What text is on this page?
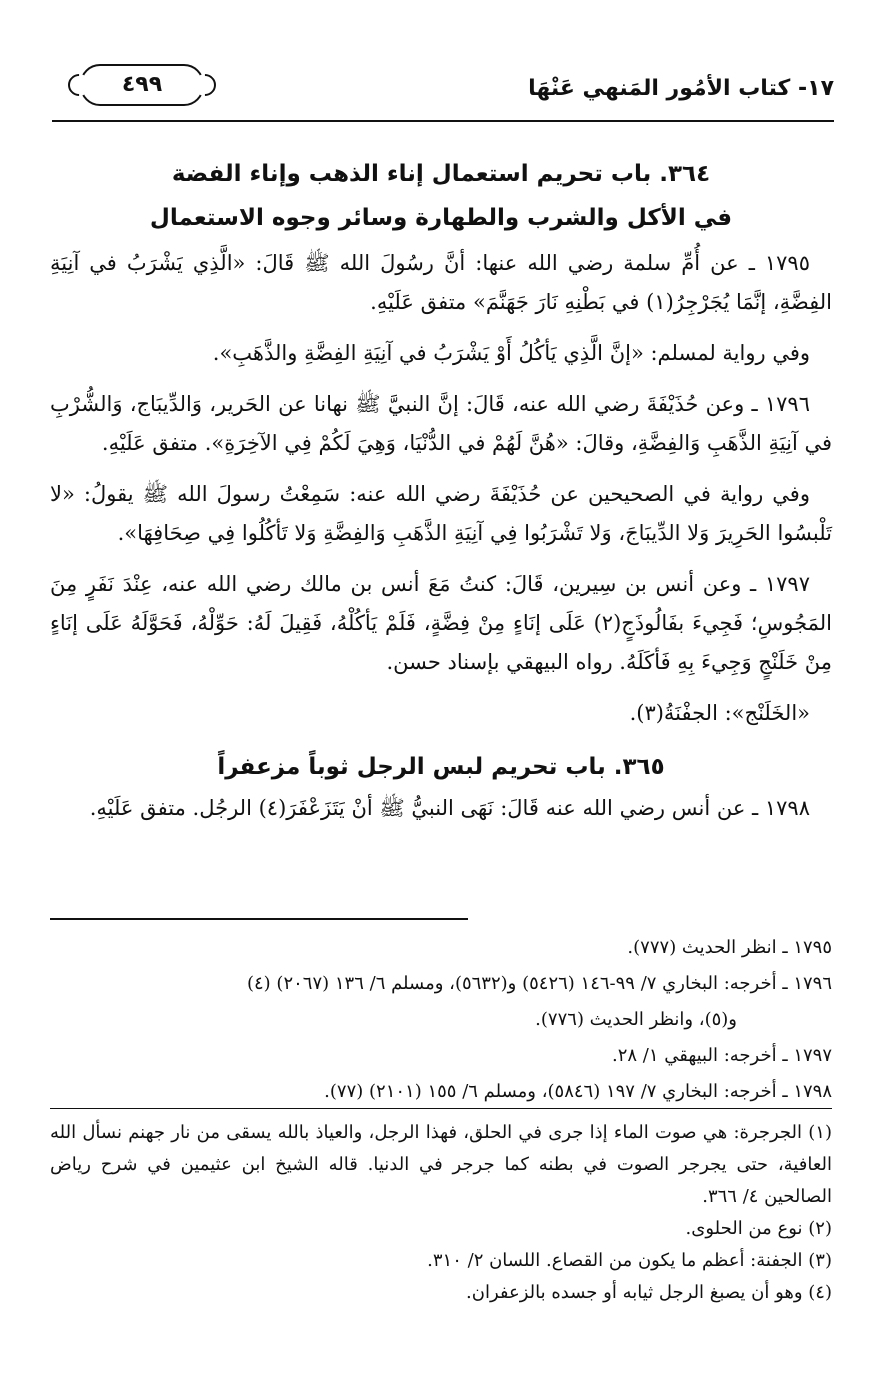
١٧- كتاب الأمُور المَنهي عَنْهَا
٤٩٩
٣٦٤. باب تحريم استعمال إناء الذهب وإناء الفضة
في الأكل والشرب والطهارة وسائر وجوه الاستعمال

١٧٩٥ ـ عن أُمِّ سلمة رضي الله عنها: أنَّ رسُولَ الله ﷺ قَالَ: «الَّذِي يَشْرَبُ في آنِيَةِ الفِضَّةِ، إنَّمَا يُجَرْجِرُ(١) في بَطْنِهِ نَارَ جَهَنَّمَ» متفق عَلَيْهِ.

وفي رواية لمسلم: «إنَّ الَّذِي يَأكُلُ أَوْ يَشْرَبُ في آنِيَةِ الفِضَّةِ والذَّهَبِ».

١٧٩٦ ـ وعن حُذَيْفَةَ رضي الله عنه، قَالَ: إنَّ النبيَّ ﷺ نهانا عن الحَرير، وَالدِّيبَاج، وَالشُّرْبِ في آنِيَةِ الذَّهَبِ وَالفِضَّةِ، وقالَ: «هُنَّ لَهُمْ في الدُّنْيَا، وَهِيَ لَكُمْ فِي الآخِرَةِ». متفق عَلَيْهِ.

وفي رواية في الصحيحين عن حُذَيْفَةَ رضي الله عنه: سَمِعْتُ رسولَ الله ﷺ يقولُ: «لا تَلْبسُوا الحَرِيرَ وَلا الدِّيبَاجَ، وَلا تَشْرَبُوا فِي آنِيَةِ الذَّهَبِ وَالفِضَّةِ وَلا تَأكُلُوا فِي صِحَافِهَا».

١٧٩٧ ـ وعن أنس بن سِيرين، قَالَ: كنتُ مَعَ أنس بن مالك رضي الله عنه، عِنْدَ نَفَرٍ مِنَ المَجُوسِ؛ فَجِيءَ بفَالُوذَجٍ(٢) عَلَى إنَاءٍ مِنْ فِضَّةٍ، فَلَمْ يَأكُلْهُ، فَقِيلَ لَهُ: حَوِّلْهُ، فَحَوَّلَهُ عَلَى إنَاءٍ مِنْ خَلَنْجٍ وَجِيءَ بِهِ فَأكَلَهُ. رواه البيهقي بإسناد حسن.

«الخَلَنْج»: الجفْنَةُ(٣).

٣٦٥. باب تحريم لبس الرجل ثوباً مزعفراً

١٧٩٨ ـ عن أنس رضي الله عنه قَالَ: نَهَى النبيُّ ﷺ أنْ يَتَزَعْفَرَ(٤) الرجُل. متفق عَلَيْهِ.

١٧٩٥ ـ انظر الحديث (٧٧٧).

١٧٩٦ ـ أخرجه: البخاري ٧/ ٩٩-١٤٦ (٥٤٢٦) و(٥٦٣٢)، ومسلم ٦/ ١٣٦ (٢٠٦٧) (٤)

و(٥)، وانظر الحديث (٧٧٦).

١٧٩٧ ـ أخرجه: البيهقي ١/ ٢٨.

١٧٩٨ ـ أخرجه: البخاري ٧/ ١٩٧ (٥٨٤٦)، ومسلم ٦/ ١٥٥ (٢١٠١) (٧٧).

(١) الجرجرة: هي صوت الماء إذا جرى في الحلق، فهذا الرجل، والعياذ بالله يسقى من نار جهنم نسأل الله العافية، حتى يجرجر الصوت في بطنه كما جرجر في الدنيا. قاله الشيخ ابن عثيمين في شرح رياض الصالحين ٤/ ٣٦٦.

(٢) نوع من الحلوى.

(٣) الجفنة: أعظم ما يكون من القصاع. اللسان ٢/ ٣١٠.

(٤) وهو أن يصبغ الرجل ثيابه أو جسده بالزعفران.
